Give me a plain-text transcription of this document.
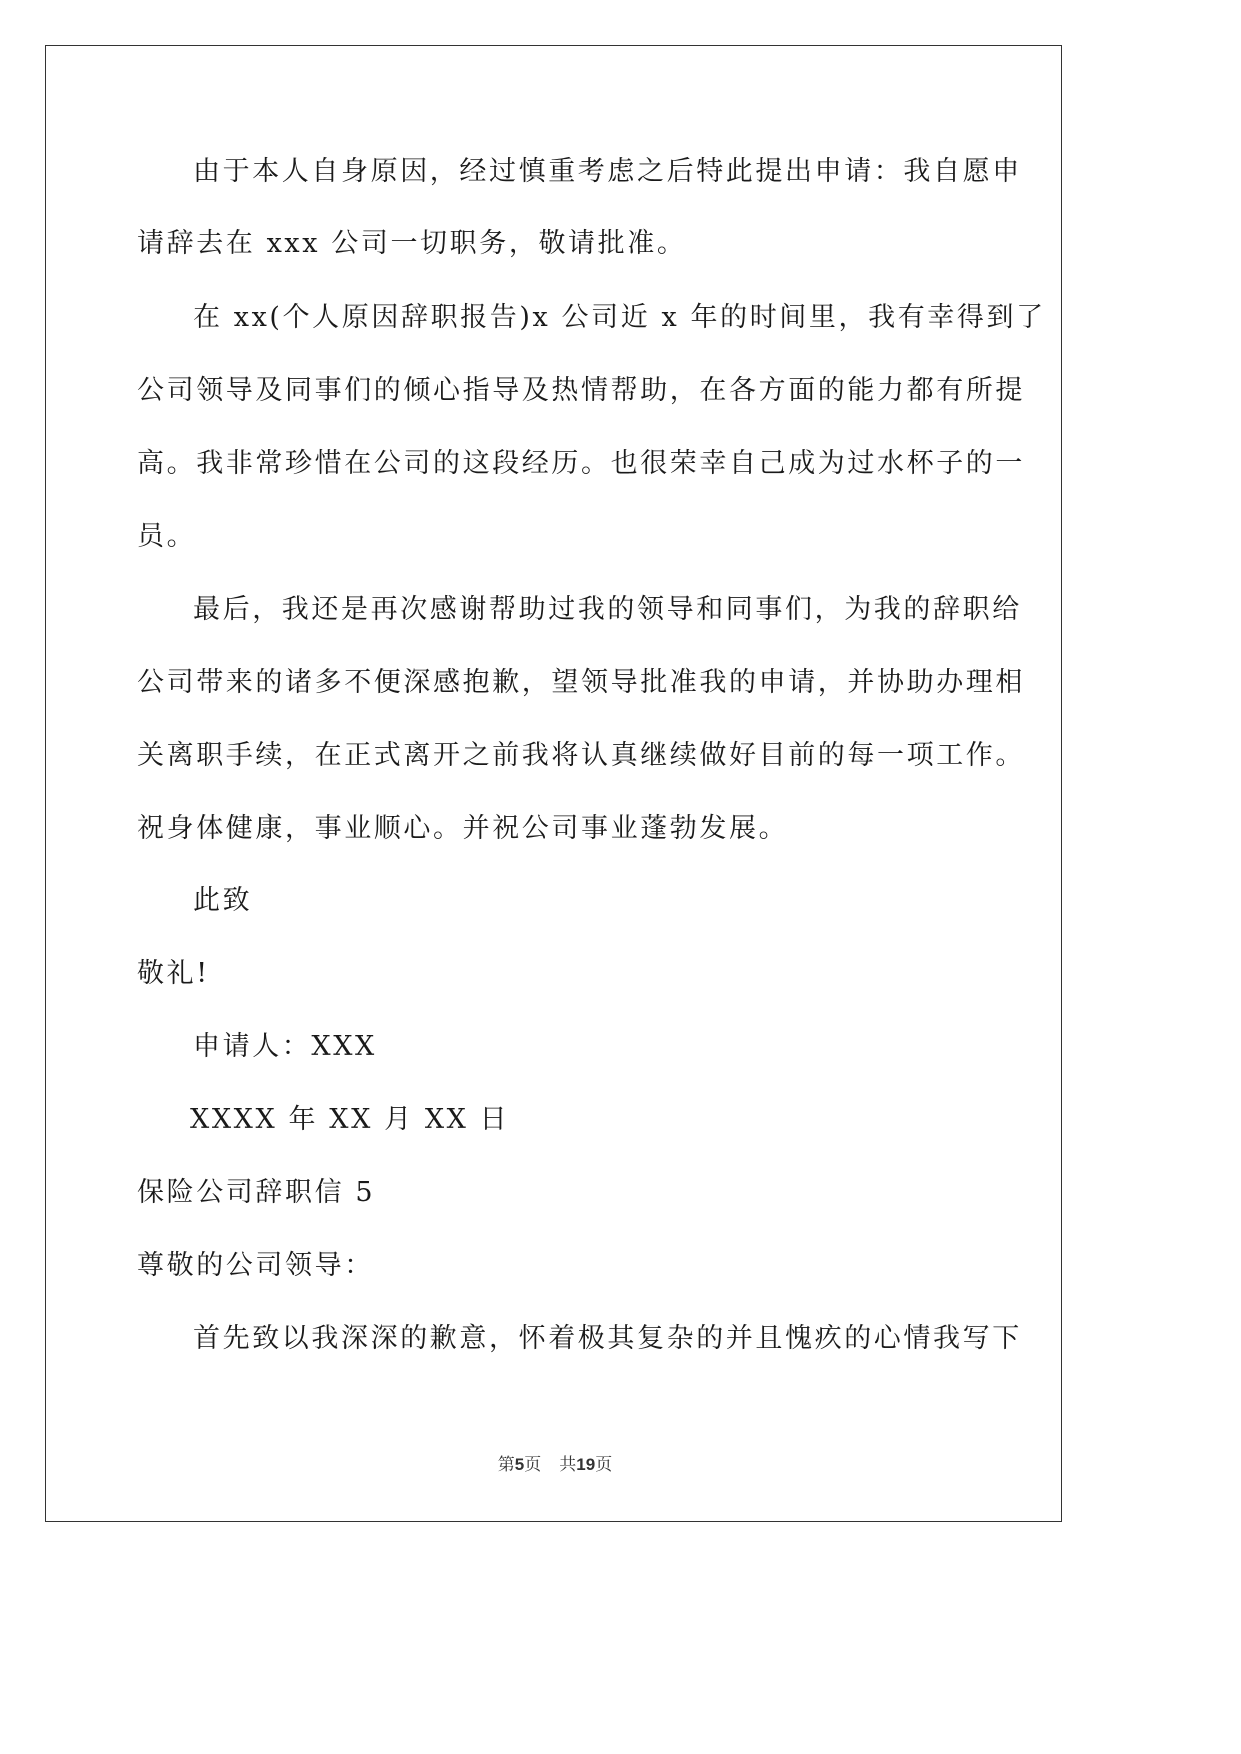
由于本人自身原因，经过慎重考虑之后特此提出申请：我自愿申
请辞去在 xxx 公司一切职务，敬请批准。
在 xx(个人原因辞职报告)x 公司近 x 年的时间里，我有幸得到了
公司领导及同事们的倾心指导及热情帮助，在各方面的能力都有所提
高。我非常珍惜在公司的这段经历。也很荣幸自己成为过水杯子的一
员。
最后，我还是再次感谢帮助过我的领导和同事们，为我的辞职给
公司带来的诸多不便深感抱歉，望领导批准我的申请，并协助办理相
关离职手续，在正式离开之前我将认真继续做好目前的每一项工作。
祝身体健康，事业顺心。并祝公司事业蓬勃发展。
此致
敬礼!
申请人：XXX
XXXX 年 XX 月 XX 日
保险公司辞职信 5
尊敬的公司领导：
首先致以我深深的歉意，怀着极其复杂的并且愧疚的心情我写下
第5页 共19页
